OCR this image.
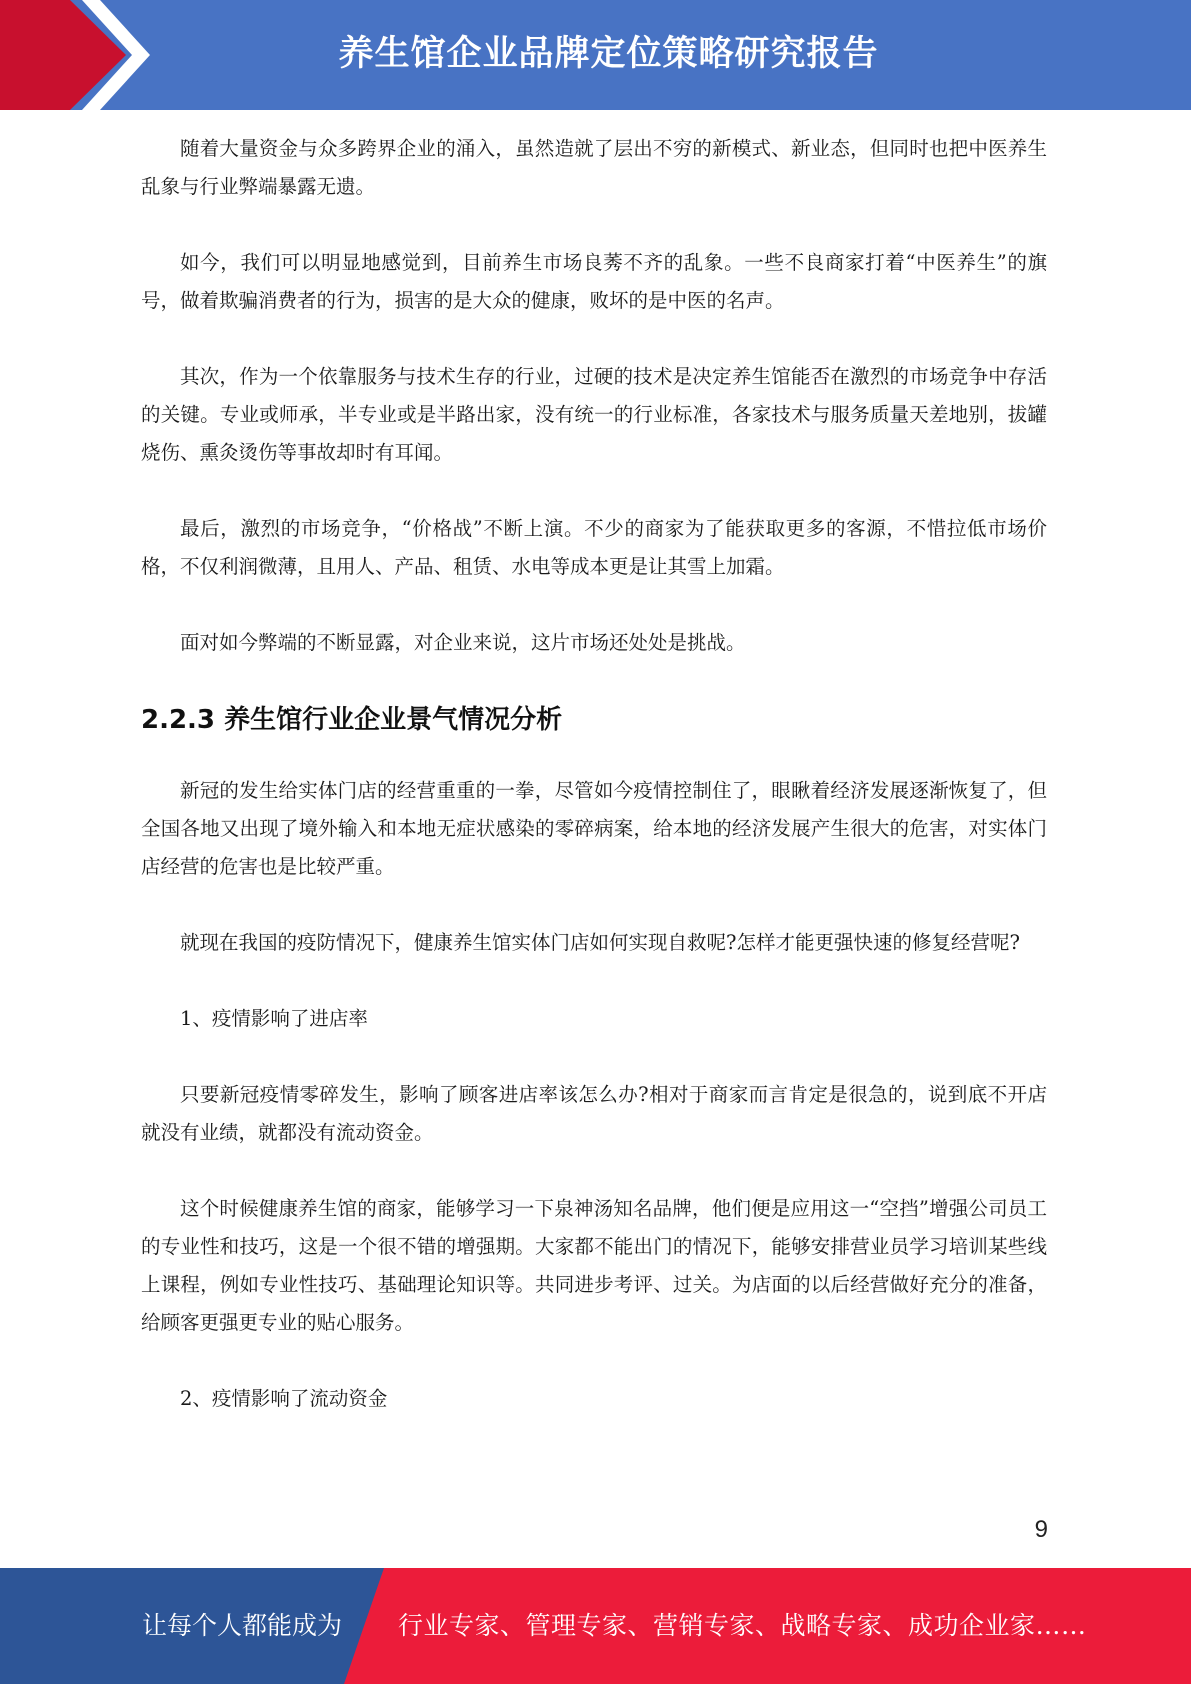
养生馆企业品牌定位策略研究报告

随着大量资金与众多跨界企业的涌入，虽然造就了层出不穷的新模式、新业态，但同时也把中医养生乱象与行业弊端暴露无遗。

如今，我们可以明显地感觉到，目前养生市场良莠不齐的乱象。一些不良商家打着“中医养生”的旗号，做着欺骗消费者的行为，损害的是大众的健康，败坏的是中医的名声。

其次，作为一个依靠服务与技术生存的行业，过硬的技术是决定养生馆能否在激烈的市场竞争中存活的关键。专业或师承，半专业或是半路出家，没有统一的行业标准，各家技术与服务质量天差地别，拔罐烧伤、熏灸烫伤等事故却时有耳闻。

最后，激烈的市场竞争，“价格战”不断上演。不少的商家为了能获取更多的客源，不惜拉低市场价格，不仅利润微薄，且用人、产品、租赁、水电等成本更是让其雪上加霜。

面对如今弊端的不断显露，对企业来说，这片市场还处处是挑战。

2.2.3 养生馆行业企业景气情况分析

新冠的发生给实体门店的经营重重的一拳，尽管如今疫情控制住了，眼瞅着经济发展逐渐恢复了，但全国各地又出现了境外输入和本地无症状感染的零碎病案，给本地的经济发展产生很大的危害，对实体门店经营的危害也是比较严重。

就现在我国的疫防情况下，健康养生馆实体门店如何实现自救呢?怎样才能更强快速的修复经营呢?

1、疫情影响了进店率

只要新冠疫情零碎发生，影响了顾客进店率该怎么办?相对于商家而言肯定是很急的，说到底不开店就没有业绩，就都没有流动资金。

这个时候健康养生馆的商家，能够学习一下泉神汤知名品牌，他们便是应用这一“空挡”增强公司员工的专业性和技巧，这是一个很不错的增强期。大家都不能出门的情况下，能够安排营业员学习培训某些线上课程，例如专业性技巧、基础理论知识等。共同进步考评、过关。为店面的以后经营做好充分的准备，给顾客更强更专业的贴心服务。

2、疫情影响了流动资金

9
让每个人都能成为 行业专家、管理专家、营销专家、战略专家、成功企业家……
